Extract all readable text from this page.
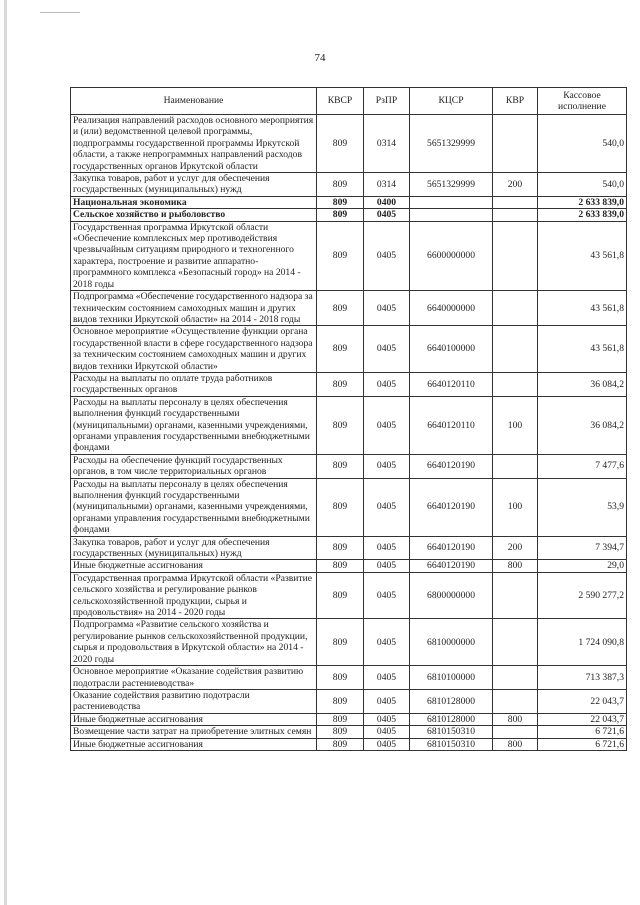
74
Наименование	КВСР	РзПР	КЦСР	КВР	Кассовое исполнение
Реализация направлений расходов основного мероприятия и (или) ведомственной целевой программы, подпрограммы государственной программы Иркутской области, а также непрограммных направлений расходов государственных органов Иркутской области	809	0314	5651329999		540,0
Закупка товаров, работ и услуг для обеспечения государственных (муниципальных) нужд	809	0314	5651329999	200	540,0
Национальная экономика	809	0400			2 633 839,0
Сельское хозяйство и рыболовство	809	0405			2 633 839,0
Государственная программа Иркутской области «Обеспечение комплексных мер противодействия чрезвычайным ситуациям природного и техногенного характера, построение и развитие аппаратно-программного комплекса «Безопасный город» на 2014 - 2018 годы	809	0405	6600000000		43 561,8
Подпрограмма «Обеспечение государственного надзора за техническим состоянием самоходных машин и других видов техники Иркутской области» на 2014 - 2018 годы	809	0405	6640000000		43 561,8
Основное мероприятие «Осуществление функции органа государственной власти в сфере государственного надзора за техническим состоянием самоходных машин и других видов техники Иркутской области»	809	0405	6640100000		43 561,8
Расходы на выплаты по оплате труда работников государственных органов	809	0405	6640120110		36 084,2
Расходы на выплаты персоналу в целях обеспечения выполнения функций государственными (муниципальными) органами, казенными учреждениями, органами управления государственными внебюджетными фондами	809	0405	6640120110	100	36 084,2
Расходы на обеспечение функций государственных органов, в том числе территориальных органов	809	0405	6640120190		7 477,6
Расходы на выплаты персоналу в целях обеспечения выполнения функций государственными (муниципальными) органами, казенными учреждениями, органами управления государственными внебюджетными фондами	809	0405	6640120190	100	53,9
Закупка товаров, работ и услуг для обеспечения государственных (муниципальных) нужд	809	0405	6640120190	200	7 394,7
Иные бюджетные ассигнования	809	0405	6640120190	800	29,0
Государственная программа Иркутской области «Развитие сельского хозяйства и регулирование рынков сельскохозяйственной продукции, сырья и продовольствия» на 2014 - 2020 годы	809	0405	6800000000		2 590 277,2
Подпрограмма «Развитие сельского хозяйства и регулирование рынков сельскохозяйственной продукции, сырья и продовольствия в Иркутской области» на 2014 - 2020 годы	809	0405	6810000000		1 724 090,8
Основное мероприятие «Оказание содействия развитию подотрасли растениеводства»	809	0405	6810100000		713 387,3
Оказание содействия развитию подотрасли растениеводства	809	0405	6810128000		22 043,7
Иные бюджетные ассигнования	809	0405	6810128000	800	22 043,7
Возмещение части затрат на приобретение элитных семян	809	0405	6810150310		6 721,6
Иные бюджетные ассигнования	809	0405	6810150310	800	6 721,6
